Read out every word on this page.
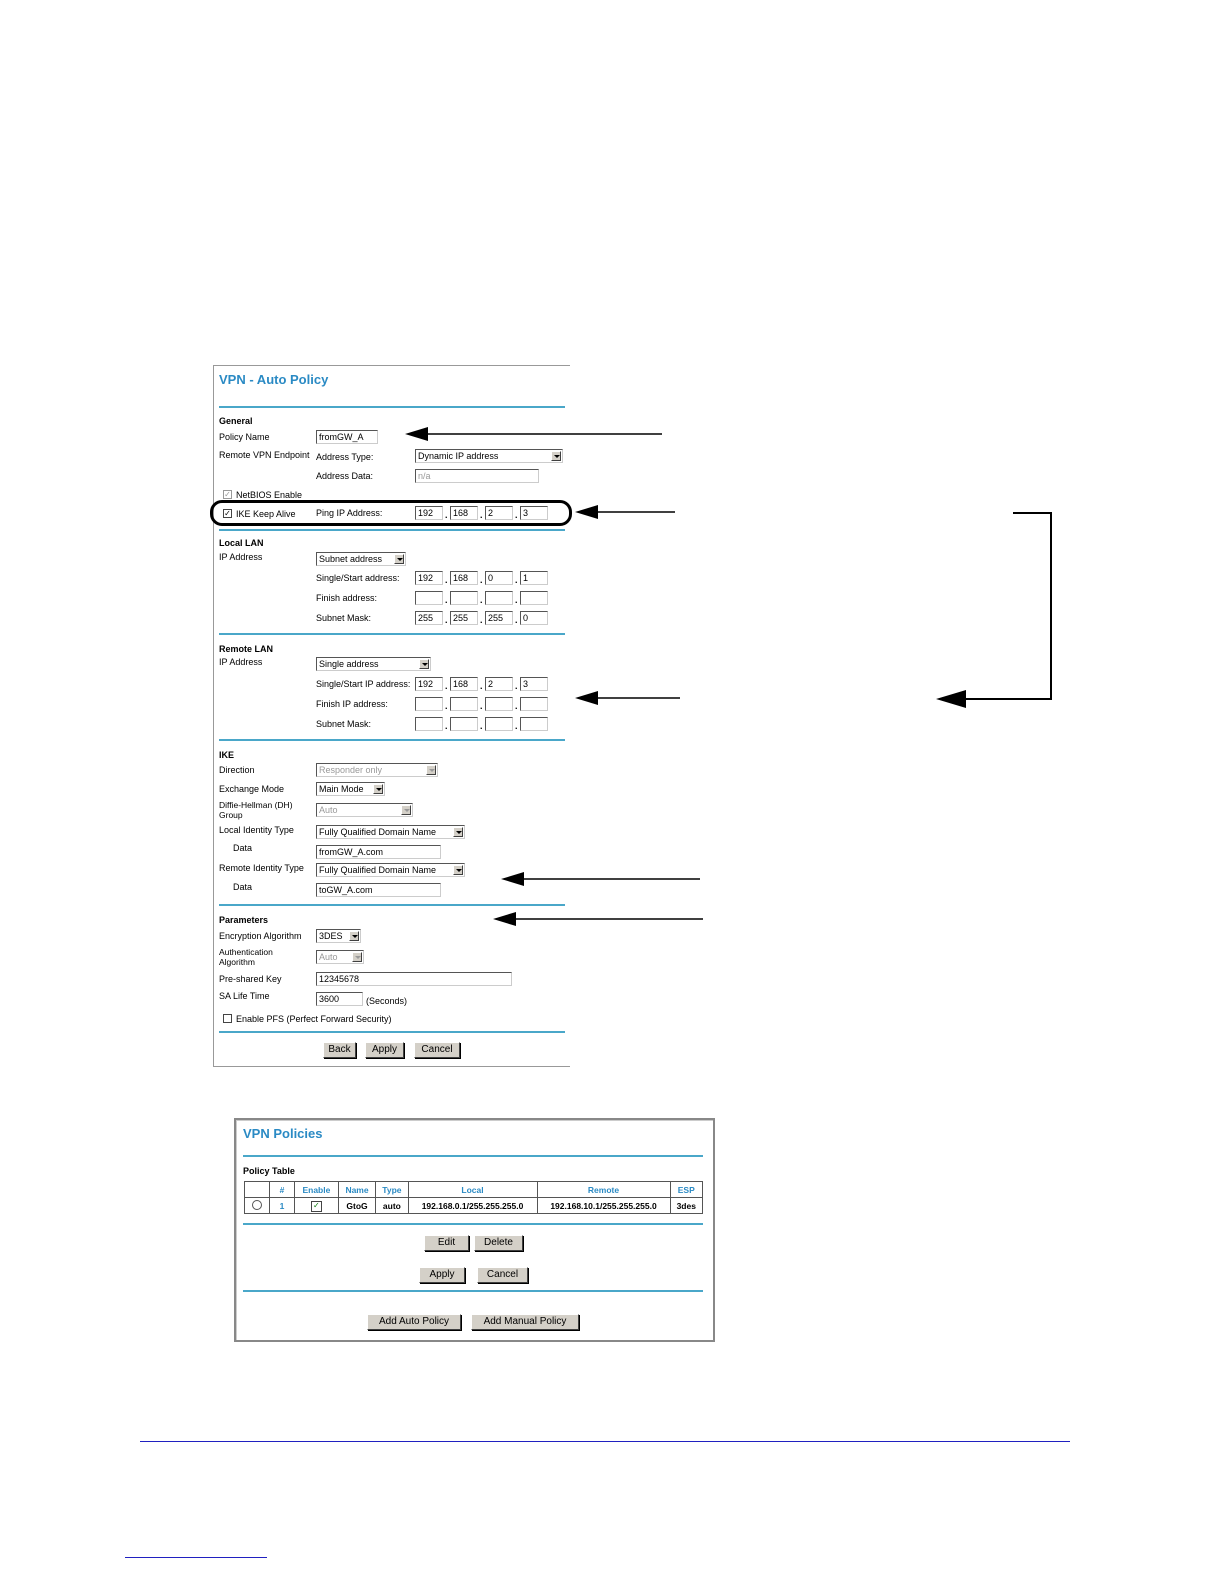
VPN - Auto Policy
General
Policy Name	fromGW_A
Remote VPN Endpoint Address Type:	Dynamic IP address
Address Data:	n/a
✓ NetBIOS Enable
✓ IKE Keep Alive Ping IP Address:	192	. 168	. 2	. 3
Local LAN
IP Address	Subnet address
Single/Start address:	192	. 168	. 0	. 1
Finish address:	.	.	.
Subnet Mask:	255	. 255	. 255	. 0
Remote LAN
IP Address	Single address
Single/Start IP address: 192	. 168	. 2	. 3
Finish IP address:	.	.	.
Subnet Mask:	.	.	.
IKE
Direction	Responder only
Exchange Mode	Main Mode
Diffie-Hellman (DH) Group	Auto
Local Identity Type	Fully Qualified Domain Name
Data	fromGW_A.com
Remote Identity Type	Fully Qualified Domain Name
Data	toGW_A.com
Parameters
Encryption Algorithm	3DES
Authentication Algorithm	Auto
Pre-shared Key	12345678
SA Life Time	3600	(Seconds)
Enable PFS (Perfect Forward Security)
Back	Apply	Cancel
VPN Policies
Policy Table
	#	Enable	Name	Type	Local	Remote	ESP
	1	✓	GtoG	auto	192.168.0.1/255.255.255.0	192.168.10.1/255.255.255.0	3des
Edit	Delete
Apply	Cancel
Add Auto Policy	Add Manual Policy
